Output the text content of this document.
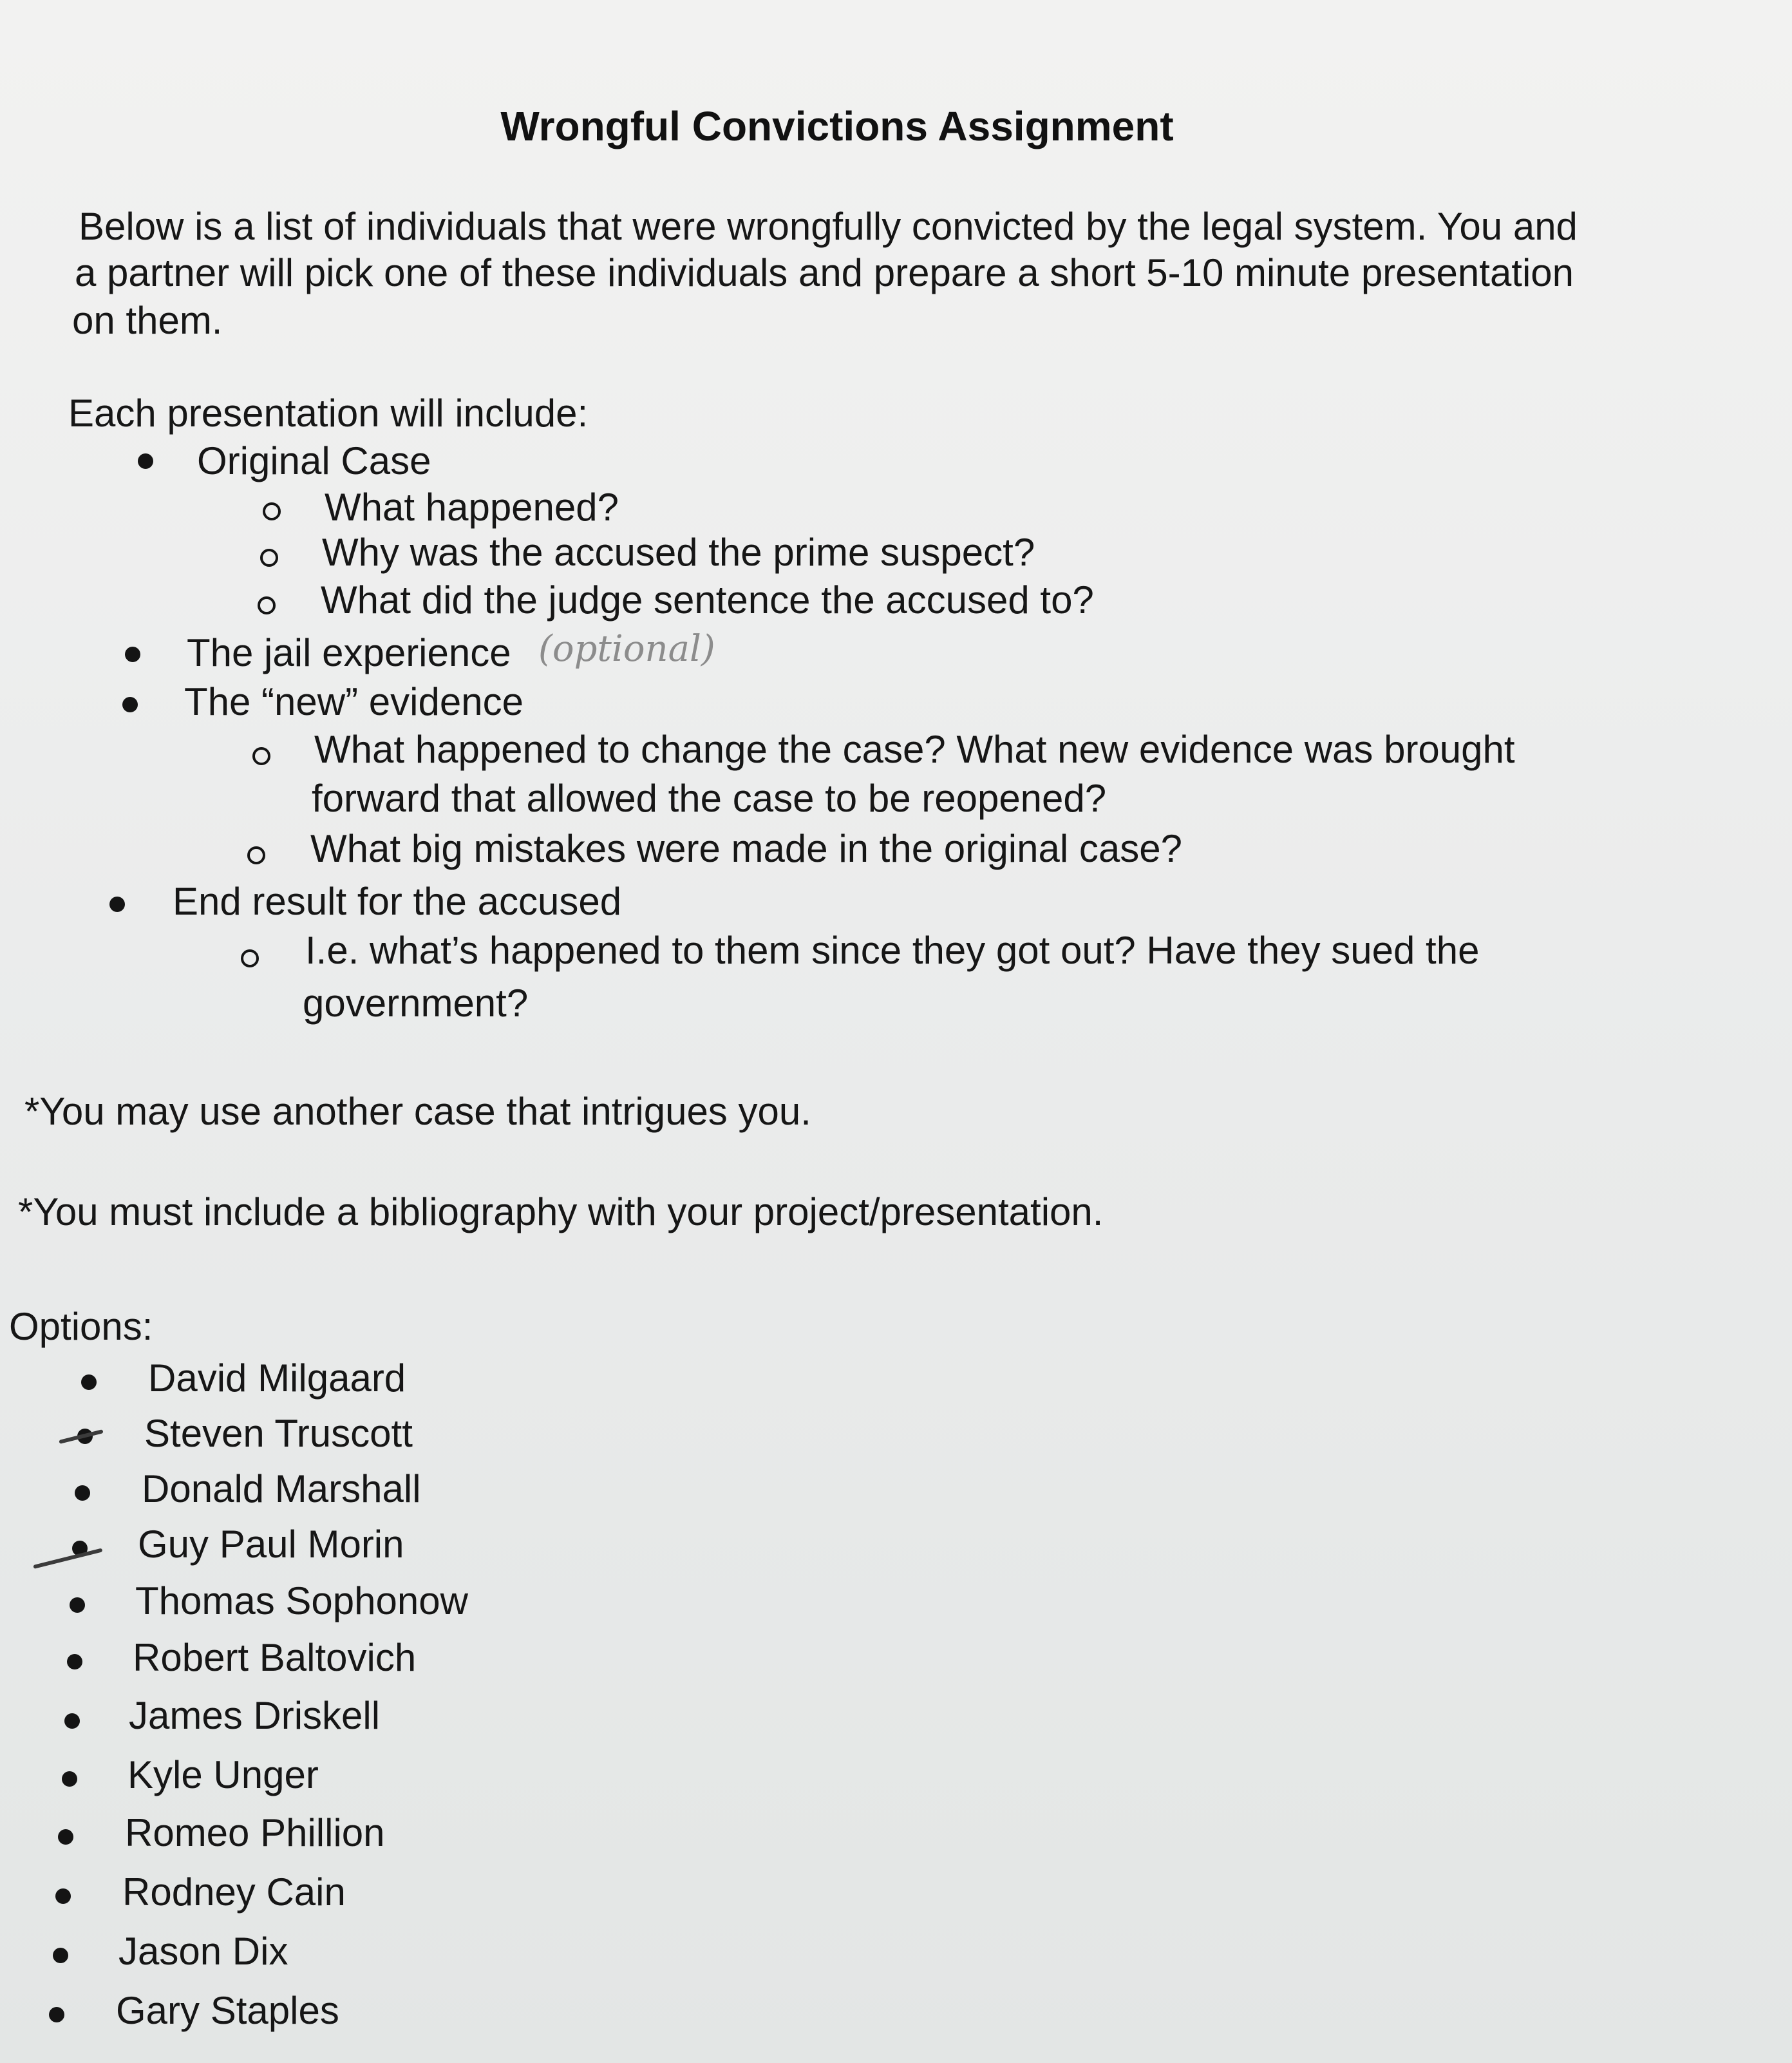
Wrongful Convictions Assignment

Below is a list of individuals that were wrongfully convicted by the legal system. You and

a partner will pick one of these individuals and prepare a short 5-10 minute presentation

on them.

Each presentation will include:

Original Case

What happened?

Why was the accused the prime suspect?

What did the judge sentence the accused to?

The jail experience (optional)

The “new” evidence

What happened to change the case? What new evidence was brought

forward that allowed the case to be reopened?

What big mistakes were made in the original case?

End result for the accused

I.e. what’s happened to them since they got out? Have they sued the

government?

*You may use another case that intrigues you.

*You must include a bibliography with your project/presentation.

Options:

David Milgaard

Steven Truscott

Donald Marshall

Guy Paul Morin

Thomas Sophonow

Robert Baltovich

James Driskell

Kyle Unger

Romeo Phillion

Rodney Cain

Jason Dix

Gary Staples
